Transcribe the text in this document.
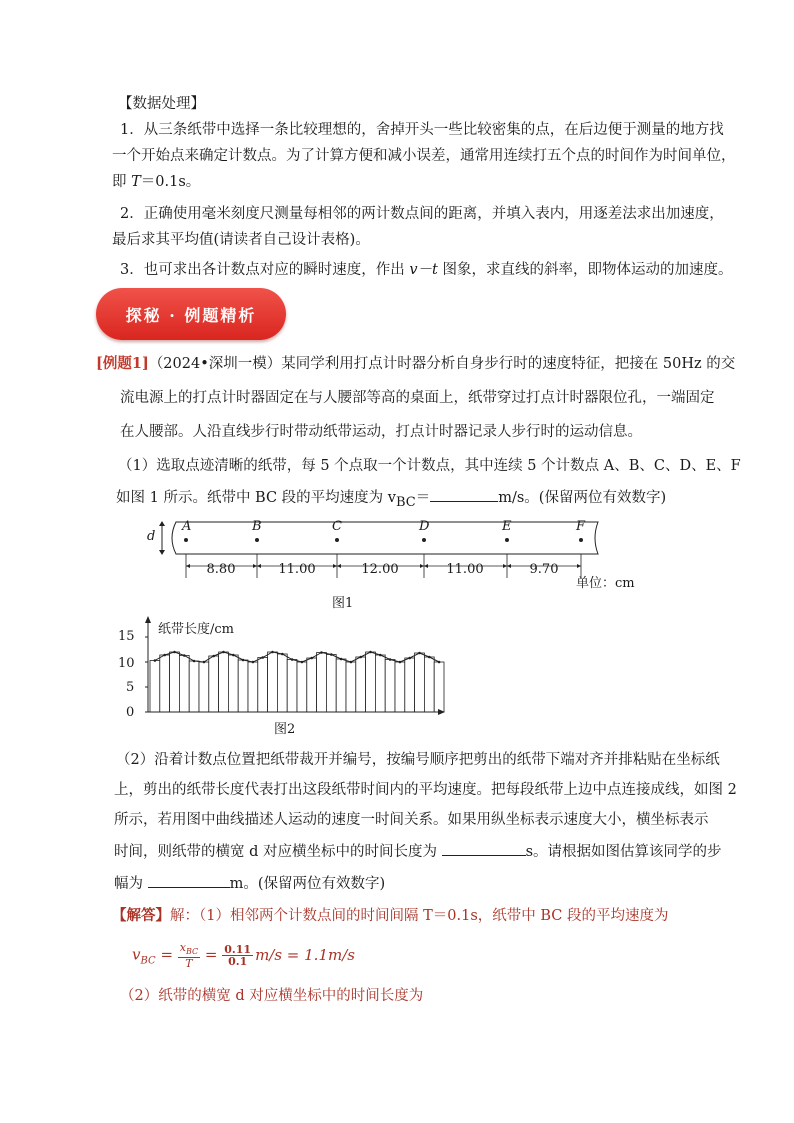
【数据处理】
1．从三条纸带中选择一条比较理想的，舍掉开头一些比较密集的点，在后边便于测量的地方找
一个开始点来确定计数点。为了计算方便和减小误差，通常用连续打五个点的时间作为时间单位，
即 T＝0.1s。
2．正确使用毫米刻度尺测量每相邻的两计数点间的距离，并填入表内，用逐差法求出加速度，
最后求其平均值(请读者自己设计表格)。
3．也可求出各计数点对应的瞬时速度，作出 v－t 图象，求直线的斜率，即物体运动的加速度。
探秘 · 例题精析
[例题1]（2024•深圳一模）某同学利用打点计时器分析自身步行时的速度特征，把接在 50Hz 的交
流电源上的打点计时器固定在与人腰部等高的桌面上，纸带穿过打点计时器限位孔，一端固定
在人腰部。人沿直线步行时带动纸带运动，打点计时器记录人步行时的运动信息。
（1）选取点迹清晰的纸带，每 5 个点取一个计数点，其中连续 5 个计数点 A、B、C、D、E、F
如图 1 所示。纸带中 BC 段的平均速度为 $v_{BC}=$	m/s。(保留两位有效数字)
d
A	B	C	D	E	F
8.80	11.00	12.00	11.00	9.70
单位：cm
图1
纸带长度/cm
15
10
5
0
图2
（2）沿着计数点位置把纸带裁开并编号，按编号顺序把剪出的纸带下端对齐并排粘贴在坐标纸
上，剪出的纸带长度代表打出这段纸带时间内的平均速度。把每段纸带上边中点连接成线，如图 2
所示，若用图中曲线描述人运动的速度一时间关系。如果用纵坐标表示速度大小，横坐标表示
时间，则纸带的横宽 d 对应横坐标中的时间长度为	s。请根据如图估算该同学的步
幅为	m。(保留两位有效数字)
【解答】解：（1）相邻两个计数点间的时间间隔 T＝0.1s，纸带中 BC 段的平均速度为
$v_{BC} = \frac{x_{BC}}{T} = \frac{0.11}{0.1} m/s = 1.1m/s$
（2）纸带的横宽 d 对应横坐标中的时间长度为
